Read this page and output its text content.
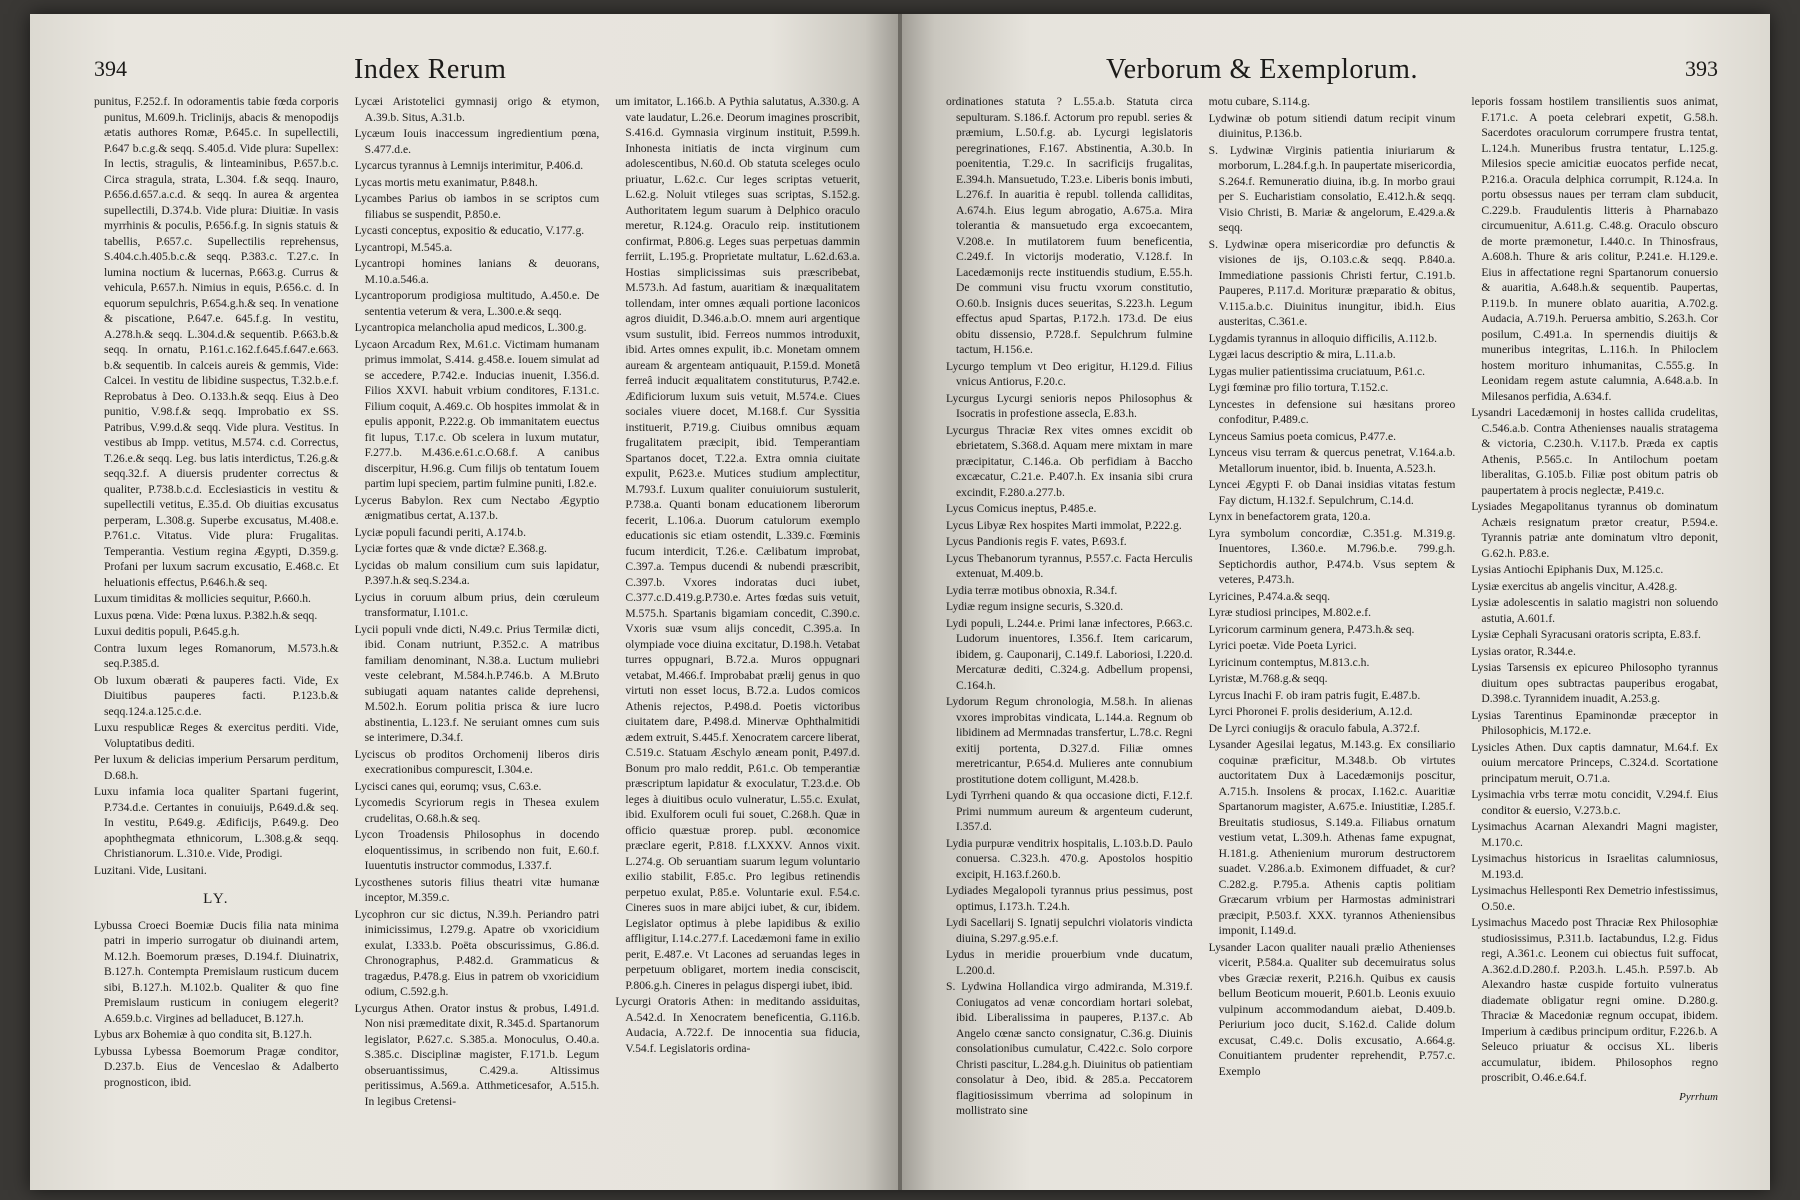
394	Index Rerum

punitus, F.252.f. In odoramentis tabie fœda corporis punitus, M.609.h. Triclinijs, abacis & menopodijs ætatis authores Romæ, P.645.c. In supellectili, P.647 b.c.g.& seqq. S.405.d. Vide plura: Supellex: In lectis, stragulis, & linteaminibus, P.657.b.c. Circa stragula, strata, L.304. f.& seqq. Inauro, P.656.d.657.a.c.d. & seqq. In aurea & argentea supellectili, D.374.b. Vide plura: Diuitiæ. In vasis myrrhinis & poculis, P.656.f.g. In signis statuis & tabellis, P.657.c. Supellectilis reprehensus, S.404.c.h.405.b.c.& seqq. P.383.c. T.27.c. In lumina noctium & lucernas, P.663.g. Currus & vehicula, P.657.h. Nimius in equis, P.656.c. d. In equorum sepulchris, P.654.g.h.& seq. In venatione & piscatione, P.647.e. 645.f.g. In vestitu, A.278.h.& seqq. L.304.d.& sequentib. P.663.b.& seqq. In ornatu, P.161.c.162.f.645.f.647.e.663. b.& sequentib. In calceis aureis & gemmis, Vide: Calcei. In vestitu de libidine suspectus, T.32.b.e.f. Reprobatus à Deo. O.133.h.& seqq. Eius à Deo punitio, V.98.f.& seqq. Improbatio ex SS. Patribus, V.99.d.& seqq. Vide plura. Vestitus. In vestibus ab Impp. vetitus, M.574. c.d. Correctus, T.26.e.& seqq. Leg. bus latis interdictus, T.26.g.& seqq.32.f. A diuersis prudenter correctus & qualiter, P.738.b.c.d. Ecclesiasticis in vestitu & supellectili vetitus, E.35.d. Ob diuitias excusatus perperam, L.308.g. Superbe excusatus, M.408.e. P.761.c. Vitatus. Vide plura: Frugalitas. Temperantia. Vestium regina Ægypti, D.359.g. Profani per luxum sacrum excusatio, E.468.c. Et heluationis effectus, P.646.h.& seq.

Luxum timiditas & mollicies sequitur, P.660.h.

Luxus pœna. Vide: Pœna luxus. P.382.h.& seqq.

Luxui deditis populi, P.645.g.h.

Contra luxum leges Romanorum, M.573.h.& seq.P.385.d.

Ob luxum obærati & pauperes facti. Vide, Ex Diuitibus pauperes facti. P.123.b.& seqq.124.a.125.c.d.e.

Luxu respublicæ Reges & exercitus perditi. Vide, Voluptatibus dediti.

Per luxum & delicias imperium Persarum perditum, D.68.h.

Luxu infamia loca qualiter Spartani fugerint, P.734.d.e. Certantes in conuiuijs, P.649.d.& seq. In vestitu, P.649.g. Ædificijs, P.649.g. Deo apophthegmata ethnicorum, L.308.g.& seqq. Christianorum. L.310.e. Vide, Prodigi.

Luzitani. Vide, Lusitani.

LY.

Lybussa Croeci Boemiæ Ducis filia nata minima patri in imperio surrogatur ob diuinandi artem, M.12.h. Boemorum præses, D.194.f. Diuinatrix, B.127.h. Contempta Premislaum rusticum ducem sibi, B.127.h. M.102.b. Qualiter & quo fine Premislaum rusticum in coniugem elegerit? A.659.b.c. Virgines ad belladucet, B.127.h.

Lybus arx Bohemiæ à quo condita sit, B.127.h.

Lybussa Lybessa Boemorum Pragæ conditor, D.237.b. Eius de Venceslao & Adalberto prognosticon, ibid.

Lycæi Aristotelici gymnasij origo & etymon, A.39.b. Situs, A.31.b.

Lycæum Iouis inaccessum ingredientium pœna, S.477.d.e.

Lycarcus tyrannus à Lemnijs interimitur, P.406.d.

Lycas mortis metu exanimatur, P.848.h.

Lycambes Parius ob iambos in se scriptos cum filiabus se suspendit, P.850.e.

Lycasti conceptus, expositio & educatio, V.177.g.

Lycantropi, M.545.a.

Lycantropi homines lanians & deuorans, M.10.a.546.a.

Lycantroporum prodigiosa multitudo, A.450.e. De sententia veterum & vera, L.300.e.& seqq.

Lycantropica melancholia apud medicos, L.300.g.

Lycaon Arcadum Rex, M.61.c. Victimam humanam primus immolat, S.414. g.458.e. Iouem simulat ad se accedere, P.742.e. Inducias inuenit, I.356.d. Filios XXVI. habuit vrbium conditores, F.131.c. Filium coquit, A.469.c. Ob hospites immolat & in epulis apponit, P.222.g. Ob immanitatem euectus fit lupus, T.17.c. Ob scelera in luxum mutatur, F.277.b. M.436.e.61.c.O.68.f. A canibus discerpitur, H.96.g. Cum filijs ob tentatum Iouem partim lupi speciem, partim fulmine puniti, I.82.e.

Lycerus Babylon. Rex cum Nectabo Ægyptio ænigmatibus certat, A.137.b.

Lyciæ populi facundi periti, A.174.b.

Lyciæ fortes quæ & vnde dictæ? E.368.g.

Lycidas ob malum consilium cum suis lapidatur, P.397.h.& seq.S.234.a.

Lycius in coruum album prius, dein cœruleum transformatur, I.101.c.

Lycii populi vnde dicti, N.49.c. Prius Termilæ dicti, ibid. Conam nutriunt, P.352.c. A matribus familiam denominant, N.38.a. Luctum muliebri veste celebrant, M.584.h.P.746.b. A M.Bruto subiugati aquam natantes calide deprehensi, M.502.h. Eorum politia prisca & iure lucro abstinentia, L.123.f. Ne seruiant omnes cum suis se interimere, D.34.f.

Lyciscus ob proditos Orchomenij liberos diris execrationibus compurescit, I.304.e.

Lycisci canes qui, eorumq; vsus, C.63.e.

Lycomedis Scyriorum regis in Thesea exulem crudelitas, O.68.h.& seq.

Lycon Troadensis Philosophus in docendo eloquentissimus, in scribendo non fuit, E.60.f. Iuuentutis instructor commodus, I.337.f.

Lycosthenes sutoris filius theatri vitæ humanæ inceptor, M.359.c.

Lycophron cur sic dictus, N.39.h. Periandro patri inimicissimus, I.279.g. Apatre ob vxoricidium exulat, I.333.b. Poëta obscurissimus, G.86.d. Chronographus, P.482.d. Grammaticus & tragædus, P.478.g. Eius in patrem ob vxoricidium odium, C.592.g.h.

Lycurgus Athen. Orator instus & probus, I.491.d. Non nisi præmeditate dixit, R.345.d. Spartanorum legislator, P.627.c. S.385.a. Monoculus, O.40.a. S.385.c. Disciplinæ magister, F.171.b. Legum obseruantissimus, C.429.a. Altissimus peritissimus, A.569.a. Atthmeticesafor, A.515.h. In legibus Cretensi-

um imitator, L.166.b. A Pythia salutatus, A.330.g. A vate laudatur, L.26.e. Deorum imagines proscribit, S.416.d. Gymnasia virginum instituit, P.599.h. Inhonesta initiatis de incta virginum cum adolescentibus, N.60.d. Ob statuta sceleges oculo priuatur, L.62.c. Cur leges scriptas vetuerit, L.62.g. Noluit vtileges suas scriptas, S.152.g. Authoritatem legum suarum à Delphico oraculo meretur, R.124.g. Oraculo reip. institutionem confirmat, P.806.g. Leges suas perpetuas dammin ferriit, L.195.g. Proprietate multatur, L.62.d.63.a. Hostias simplicissimas suis præscribebat, M.573.h. Ad fastum, auaritiam & inæqualitatem tollendam, inter omnes æquali portione laconicos agros diuidit, D.346.a.b.O. mnem auri argentique vsum sustulit, ibid. Ferreos nummos introduxit, ibid. Artes omnes expulit, ib.c. Monetam omnem auream & argenteam antiquauit, P.159.d. Monetâ ferreâ inducit æqualitatem constituturus, P.742.e. Ædificiorum luxum suis vetuit, M.574.e. Ciues sociales viuere docet, M.168.f. Cur Syssitia instituerit, P.719.g. Ciuibus omnibus æquam frugalitatem præcipit, ibid. Temperantiam Spartanos docet, T.22.a. Extra omnia ciuitate expulit, P.623.e. Mutices studium amplectitur, M.793.f. Luxum qualiter conuiuiorum sustulerit, P.738.a. Quanti bonam educationem liberorum fecerit, L.106.a. Duorum catulorum exemplo educationis sic etiam ostendit, L.339.c. Fœminis fucum interdicit, T.26.e. Cælibatum improbat, C.397.a. Tempus ducendi & nubendi præscribit, C.397.b. Vxores indoratas duci iubet, C.377.c.D.419.g.P.730.e. Artes fœdas suis vetuit, M.575.h. Spartanis bigamiam concedit, C.390.c. Vxoris suæ vsum alijs concedit, C.395.a. In olympiade voce diuina excitatur, D.198.h. Vetabat turres oppugnari, B.72.a. Muros oppugnari vetabat, M.466.f. Improbabat prælij genus in quo virtuti non esset locus, B.72.a. Ludos comicos Athenis rejectos, P.498.d. Poetis victoribus ciuitatem dare, P.498.d. Minervæ Ophthalmitidi ædem extruit, S.445.f. Xenocratem carcere liberat, C.519.c. Statuam Æschylo æneam ponit, P.497.d. Bonum pro malo reddit, P.61.c. Ob temperantiæ præscriptum lapidatur & exoculatur, T.23.d.e. Ob leges à diuitibus oculo vulneratur, L.55.c. Exulat, ibid. Exulforem oculi fui souet, C.268.h. Quæ in officio quæstuæ prorep. publ. œconomice præclare egerit, P.818. f.LXXXV. Annos vixit. L.274.g. Ob seruantiam suarum legum voluntario exilio stabilit, F.85.c. Pro legibus retinendis perpetuo exulat, P.85.e. Voluntarie exul. F.54.c. Cineres suos in mare abijci iubet, & cur, ibidem. Legislator optimus à plebe lapidibus & exilio affligitur, I.14.c.277.f. Lacedæmoni fame in exilio perit, E.487.e. Vt Lacones ad seruandas leges in perpetuum obligaret, mortem inedia consciscit, P.806.g.h. Cineres in pelagus dispergi iubet, ibid.

Lycurgi Oratoris Athen: in meditando assiduitas, A.542.d. In Xenocratem beneficentia, G.116.b. Audacia, A.722.f. De innocentia sua fiducia, V.54.f. Legislatoris ordina-

Verborum & Exemplorum.	393

ordinationes statuta ? L.55.a.b. Statuta circa sepulturam. S.186.f. Actorum pro republ. series & præmium, L.50.f.g. ab. Lycurgi legislatoris peregrinationes, F.167. Abstinentia, A.30.b. In poenitentia, T.29.c. In sacrificijs frugalitas, E.394.h. Mansuetudo, T.23.e. Liberis bonis imbuti, L.276.f. In auaritia è republ. tollenda calliditas, A.674.h. Eius legum abrogatio, A.675.a. Mira tolerantia & mansuetudo erga excoecantem, V.208.e. In mutilatorem fuum beneficentia, C.249.f. In victorijs moderatio, V.128.f. In Lacedæmonijs recte instituendis studium, E.55.h. De communi visu fructu vxorum constitutio, O.60.b. Insignis duces seueritas, S.223.h. Legum effectus apud Spartas, P.172.h. 173.d. De eius obitu dissensio, P.728.f. Sepulchrum fulmine tactum, H.156.e.

Lycurgo templum vt Deo erigitur, H.129.d. Filius vnicus Antiorus, F.20.c.

Lycurgus Lycurgi senioris nepos Philosophus & Isocratis in profestione assecla, E.83.h.

Lycurgus Thraciæ Rex vites omnes excidit ob ebrietatem, S.368.d. Aquam mere mixtam in mare præcipitatur, C.146.a. Ob perfidiam à Baccho excæcatur, C.21.e. P.407.h. Ex insania sibi crura excindit, F.280.a.277.b.

Lycus Comicus ineptus, P.485.e.

Lycus Libyæ Rex hospites Marti immolat, P.222.g.

Lycus Pandionis regis F. vates, P.693.f.

Lycus Thebanorum tyrannus, P.557.c. Facta Herculis extenuat, M.409.b.

Lydia terræ motibus obnoxia, R.34.f.

Lydiæ regum insigne securis, S.320.d.

Lydi populi, L.244.e. Primi lanæ infectores, P.663.c. Ludorum inuentores, I.356.f. Item caricarum, ibidem, g. Cauponarij, C.149.f. Laboriosi, I.220.d. Mercaturæ dediti, C.324.g. Adbellum propensi, C.164.h.

Lydorum Regum chronologia, M.58.h. In alienas vxores improbitas vindicata, L.144.a. Regnum ob libidinem ad Mermnadas transfertur, L.78.c. Regni exitij portenta, D.327.d. Filiæ omnes meretricantur, P.654.d. Mulieres ante connubium prostitutione dotem colligunt, M.428.b.

Lydi Tyrrheni quando & qua occasione dicti, F.12.f. Primi nummum aureum & argenteum cuderunt, I.357.d.

Lydia purpuræ venditrix hospitalis, L.103.b.D. Paulo conuersa. C.323.h. 470.g. Apostolos hospitio excipit, H.163.f.260.b.

Lydiades Megalopoli tyrannus prius pessimus, post optimus, I.173.h. T.24.h.

Lydi Sacellarij S. Ignatij sepulchri violatoris vindicta diuina, S.297.g.95.e.f.

Lydus in meridie prouerbium vnde ducatum, L.200.d.

S. Lydwina Hollandica virgo admiranda, M.319.f. Coniugatos ad venæ concordiam hortari solebat, ibid. Liberalissima in pauperes, P.137.c. Ab Angelo cœnæ sancto consignatur, C.36.g. Diuinis consolationibus cumulatur, C.422.c. Solo corpore Christi pascitur, L.284.g.h. Diuinitus ob patientiam consolatur à Deo, ibid. & 285.a. Peccatorem flagitiosissimum vberrima ad solopinum in mollistrato sine

motu cubare, S.114.g.

Lydwinæ ob potum sitiendi datum recipit vinum diuinitus, P.136.b.

S. Lydwinæ Virginis patientia iniuriarum & morborum, L.284.f.g.h. In paupertate misericordia, S.264.f. Remuneratio diuina, ib.g. In morbo graui per S. Eucharistiam consolatio, E.412.h.& seqq. Visio Christi, B. Mariæ & angelorum, E.429.a.& seqq.

S. Lydwinæ opera misericordiæ pro defunctis & visiones de ijs, O.103.c.& seqq. P.840.a. Immediatione passionis Christi fertur, C.191.b. Pauperes, P.117.d. Morituræ præparatio & obitus, V.115.a.b.c. Diuinitus inungitur, ibid.h. Eius austeritas, C.361.e.

Lygdamis tyrannus in alloquio difficilis, A.112.b.

Lygæi lacus descriptio & mira, L.11.a.b.

Lygas mulier patientissima cruciatuum, P.61.c.

Lygi fœminæ pro filio tortura, T.152.c.

Lyncestes in defensione sui hæsitans proreo confoditur, P.489.c.

Lynceus Samius poeta comicus, P.477.e.

Lynceus visu terram & quercus penetrat, V.164.a.b. Metallorum inuentor, ibid. b. Inuenta, A.523.h.

Lyncei Ægypti F. ob Danai insidias vitatas festum Fay dictum, H.132.f. Sepulchrum, C.14.d.

Lynx in benefactorem grata, 120.a.

Lyra symbolum concordiæ, C.351.g. M.319.g. Inuentores, I.360.e. M.796.b.e. 799.g.h. Septichordis author, P.474.b. Vsus septem & veteres, P.473.h.

Lyricines, P.474.a.& seqq.

Lyræ studiosi principes, M.802.e.f.

Lyricorum carminum genera, P.473.h.& seq.

Lyrici poetæ. Vide Poeta Lyrici.

Lyricinum contemptus, M.813.c.h.

Lyristæ, M.768.g.& seqq.

Lyrcus Inachi F. ob iram patris fugit, E.487.b.

Lyrci Phoronei F. prolis desiderium, A.12.d.

De Lyrci coniugijs & oraculo fabula, A.372.f.

Lysander Agesilai legatus, M.143.g. Ex consiliario coquinæ præficitur, M.348.b. Ob virtutes auctoritatem Dux à Lacedæmonijs poscitur, A.715.h. Insolens & procax, I.162.c. Auaritiæ Spartanorum magister, A.675.e. Iniustitiæ, I.285.f. Breuitatis studiosus, S.149.a. Filiabus ornatum vestium vetat, L.309.h. Athenas fame expugnat, H.181.g. Athenienium murorum destructorem suadet. V.286.a.b. Eximonem diffuadet, & cur? C.282.g. P.795.a. Athenis captis politiam Græcarum vrbium per Harmostas administrari præcipit, P.503.f. XXX. tyrannos Atheniensibus imponit, I.149.d.

Lysander Lacon qualiter nauali prælio Athenienses vicerit, P.584.a. Qualiter sub decemuiratus solus vbes Græciæ rexerit, P.216.h. Quibus ex causis bellum Beoticum mouerit, P.601.b. Leonis exuuio vulpinum accommodandum aiebat, D.409.b. Periurium joco ducit, S.162.d. Calide dolum excusat, C.49.c. Dolis excusatio, A.664.g. Conuitiantem prudenter reprehendit, P.757.c. Exemplo

leporis fossam hostilem transilientis suos animat, F.171.c. A poeta celebrari expetit, G.58.h. Sacerdotes oraculorum corrumpere frustra tentat, L.124.h. Muneribus frustra tentatur, L.125.g. Milesios specie amicitiæ euocatos perfide necat, P.216.a. Oracula delphica corrumpit, R.124.a. In portu obsessus naues per terram clam subducit, C.229.b. Fraudulentis litteris à Pharnabazo circumuenitur, A.611.g. C.48.g. Oraculo obscuro de morte præmonetur, I.440.c. In Thinosfraus, A.608.h. Thure & aris colitur, P.241.e. H.129.e. Eius in affectatione regni Spartanorum conuersio & auaritia, A.648.h.& sequentib. Paupertas, P.119.b. In munere oblato auaritia, A.702.g. Audacia, A.719.h. Peruersa ambitio, S.263.h. Cor posilum, C.491.a. In spernendis diuitijs & muneribus integritas, L.116.h. In Philoclem hostem morituro inhumanitas, C.555.g. In Leonidam regem astute calumnia, A.648.a.b. In Milesanos perfidia, A.634.f.

Lysandri Lacedæmonij in hostes callida crudelitas, C.546.a.b. Contra Athenienses naualis stratagema & victoria, C.230.h. V.117.b. Præda ex captis Athenis, P.565.c. In Antilochum poetam liberalitas, G.105.b. Filiæ post obitum patris ob paupertatem à procis neglectæ, P.419.c.

Lysiades Megapolitanus tyrannus ob dominatum Achæis resignatum prætor creatur, P.594.e. Tyrannis patriæ ante dominatum vltro deponit, G.62.h. P.83.e.

Lysias Antiochi Epiphanis Dux, M.125.c.

Lysiæ exercitus ab angelis vincitur, A.428.g.

Lysiæ adolescentis in salatio magistri non soluendo astutia, A.601.f.

Lysiæ Cephali Syracusani oratoris scripta, E.83.f.

Lysias orator, R.344.e.

Lysias Tarsensis ex epicureo Philosopho tyrannus diuitum opes subtractas pauperibus erogabat, D.398.c. Tyrannidem inuadit, A.253.g.

Lysias Tarentinus Epaminondæ præceptor in Philosophicis, M.172.e.

Lysicles Athen. Dux captis damnatur, M.64.f. Ex ouium mercatore Princeps, C.324.d. Scortatione principatum meruit, O.71.a.

Lysimachia vrbs terræ motu concidit, V.294.f. Eius conditor & euersio, V.273.b.c.

Lysimachus Acarnan Alexandri Magni magister, M.170.c.

Lysimachus historicus in Israelitas calumniosus, M.193.d.

Lysimachus Hellesponti Rex Demetrio infestissimus, O.50.e.

Lysimachus Macedo post Thraciæ Rex Philosophiæ studiosissimus, P.311.b. Iactabundus, I.2.g. Fidus regi, A.361.c. Leonem cui obiectus fuit suffocat, A.362.d.D.280.f. P.203.h. L.45.h. P.597.b. Ab Alexandro hastæ cuspide fortuito vulneratus diademate obligatur regni omine. D.280.g. Thraciæ & Macedoniæ regnum occupat, ibidem. Imperium à cædibus principum orditur, F.226.b. A Seleuco priuatur & occisus XL. liberis accumulatur, ibidem. Philosophos regno proscribit, O.46.e.64.f.

Pyrrhum
